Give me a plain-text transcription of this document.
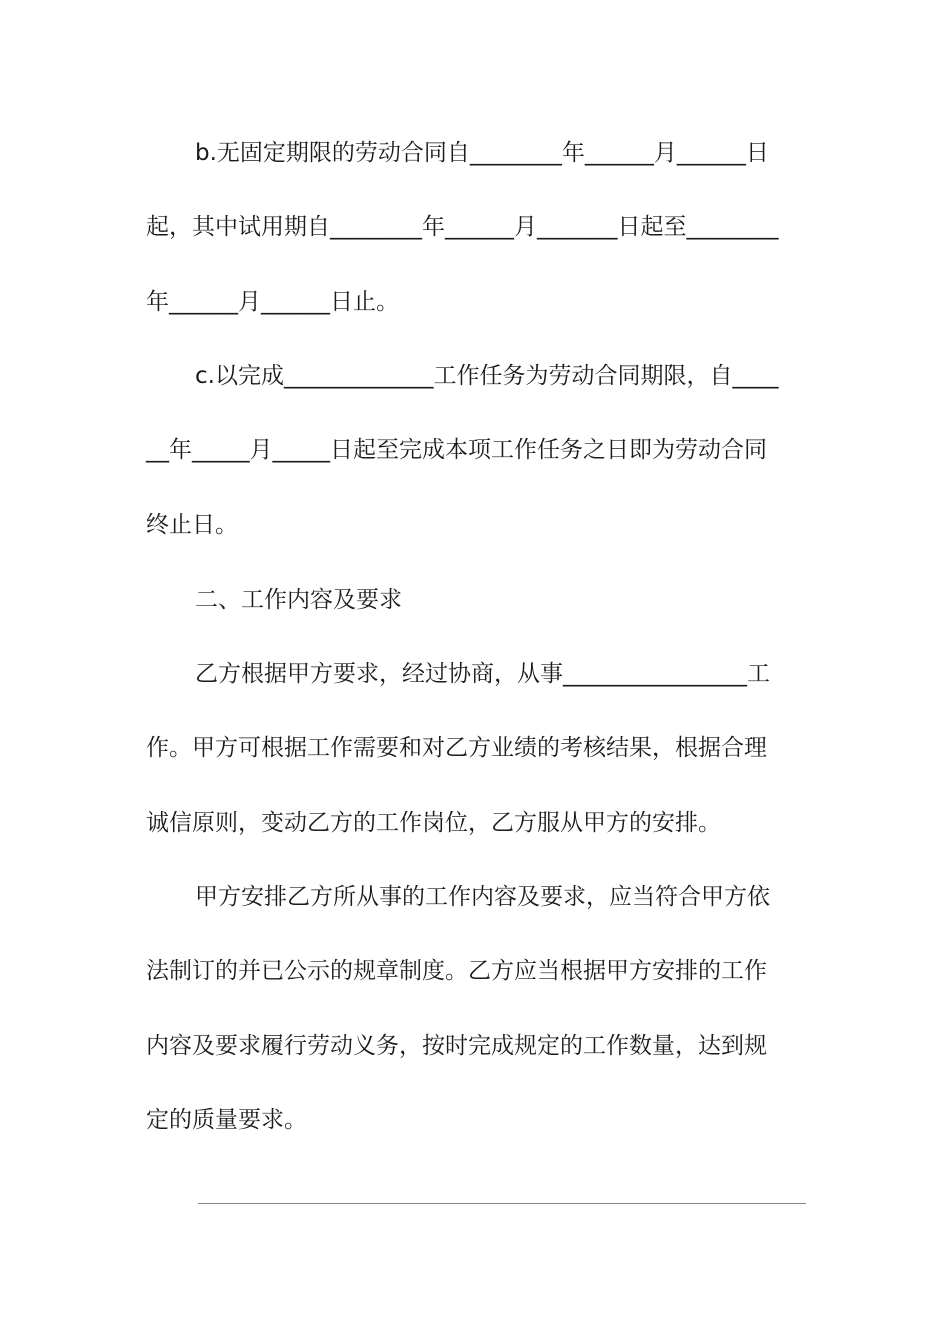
b.无固定期限的劳动合同自________年______月______日
起，其中试用期自________年______月_______日起至________
年______月______日止。
c.以完成_____________工作任务为劳动合同期限，自____
__年_____月_____日起至完成本项工作任务之日即为劳动合同
终止日。
二、工作内容及要求
乙方根据甲方要求，经过协商，从事________________工
作。甲方可根据工作需要和对乙方业绩的考核结果，根据合理
诚信原则，变动乙方的工作岗位，乙方服从甲方的安排。
甲方安排乙方所从事的工作内容及要求，应当符合甲方依
法制订的并已公示的规章制度。乙方应当根据甲方安排的工作
内容及要求履行劳动义务，按时完成规定的工作数量，达到规
定的质量要求。
